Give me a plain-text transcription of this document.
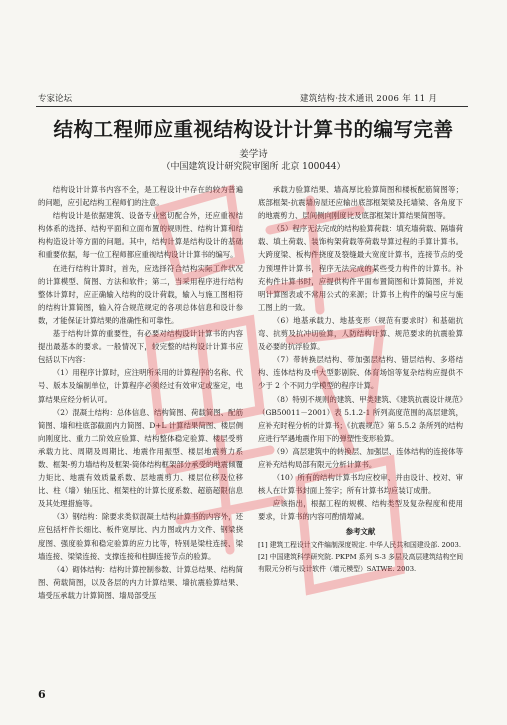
专家论坛	建筑结构·技术通讯 2006 年 11 月
结构工程师应重视结构设计计算书的编写完善
姜学诗
（中国建筑设计研究院审图所 北京 100044）

结构设计计算书内容不全，是工程设计中存在的较为普遍的问题，应引起结构工程师们的注意。

结构设计是依据建筑、设备专业密切配合外，还应重视结构体系的选择、结构平面和立面布置的规则性、结构计算和结构构造设计等方面的问题。其中，结构计算是结构设计的基础和重要依据，每一位工程师都应重视结构设计计算书的编写。

在进行结构计算时，首先，应选择符合结构实际工作状况的计算模型、简图、方法和软件；第二，当采用程序进行结构整体计算时，应正确输入结构的设计荷载，输入与施工图相符的结构计算简图，输入符合规范规定的各项总体信息和设计参数，才能保证计算结果的准确性和可靠性。

基于结构计算的重要性，有必要对结构设计计算书的内容提出最基本的要求。一般情况下，较完整的结构设计计算书应包括以下内容：

（1）用程序计算时，应注明所采用的计算程序的名称、代号、版本及编制单位，计算程序必须经过有效审定或鉴定，电算结果应经分析认可。

（2）混凝土结构：总体信息、结构简图、荷载简图、配筋简图、墙和柱底部截面内力简图、D+L 计算结果简图、楼层侧向刚度比、重力二阶效应验算、结构整体稳定验算、楼层受剪承载力比、周期及周期比、地震作用振型、楼层地震剪力系数、框架-剪力墙结构及框架-筒体结构框架部分承受的地震倾覆力矩比、地震有效质量系数、层地震剪力、楼层位移及位移比、柱（墙）轴压比、框架柱的计算长度系数、超筋超限信息及其处理措施等。

（3）钢结构：除要求类似混凝土结构计算书的内容外，还应包括杆件长细比、板件宽厚比、内力图或内力文件、钢梁挠度图、强度验算和稳定验算的应力比等，特别是梁柱连接、梁墙连接、梁梁连接、支撑连接和柱脚连接节点的验算。

（4）砌体结构：结构计算控制参数、计算总结果、结构简图、荷载简图，以及各层的内力计算结果、墙抗震验算结果、墙受压承载力计算简图、墙局部受压

承载力验算结果、墙高厚比验算简图和楼板配筋简图等；底部框架-抗震墙房屋还应输出底部框架梁及托墙梁、各角度下的地震剪力、层间侧向刚度比及底部框架计算结果简图等。

（5）程序无法完成的结构验算荷载：填充墙荷载、隔墙荷载、填土荷载、装饰构架荷载等荷载导算过程的手算计算书。大跨度梁、板构件挠度及裂缝最大宽度计算书，连接节点的受力预埋件计算书，程序无法完成的某些受力构件的计算书。补充构件计算书时，应提供构件平面布置简图和计算简图，并说明计算图表或不常用公式的来源；计算书上构件的编号应与施工图上的一致。

（6）地基承载力、地基变形（规范有要求时）和基础抗弯、抗剪及抗冲切验算，人防结构计算、规范要求的抗震验算及必要的抗浮验算。

（7）带转换层结构、带加强层结构、错层结构、多塔结构、连体结构及中大型影剧院、体育场馆等复杂结构应提供不少于 2 个不同力学模型的程序计算。

（8）特别不规则的建筑、甲类建筑、《建筑抗震设计规范》（GB50011－2001）表 5.1.2-1 所列高度范围的高层建筑，应补充时程分析的计算书；《抗震规范》第 5.5.2 条所列的结构应进行罕遇地震作用下的弹塑性变形验算。

（9）高层建筑中的转换层、加强层、连体结构的连接体等应补充结构局部有限元分析计算书。

（10）所有的结构计算书均应校审、并由设计、校对、审核人在计算书封面上签字；所有计算书均应装订成册。

应该指出，根据工程的规模、结构类型及复杂程度和使用要求，计算书的内容可酌情增减。

参考文献

[1] 建筑工程设计文件编制深度规定. 中华人民共和国建设部. 2003.

[2] 中国建筑科学研究院. PKPM 系列 S-3 多层及高层建筑结构空间有限元分析与设计软件（墙元模型）SATWE. 2003.

6
